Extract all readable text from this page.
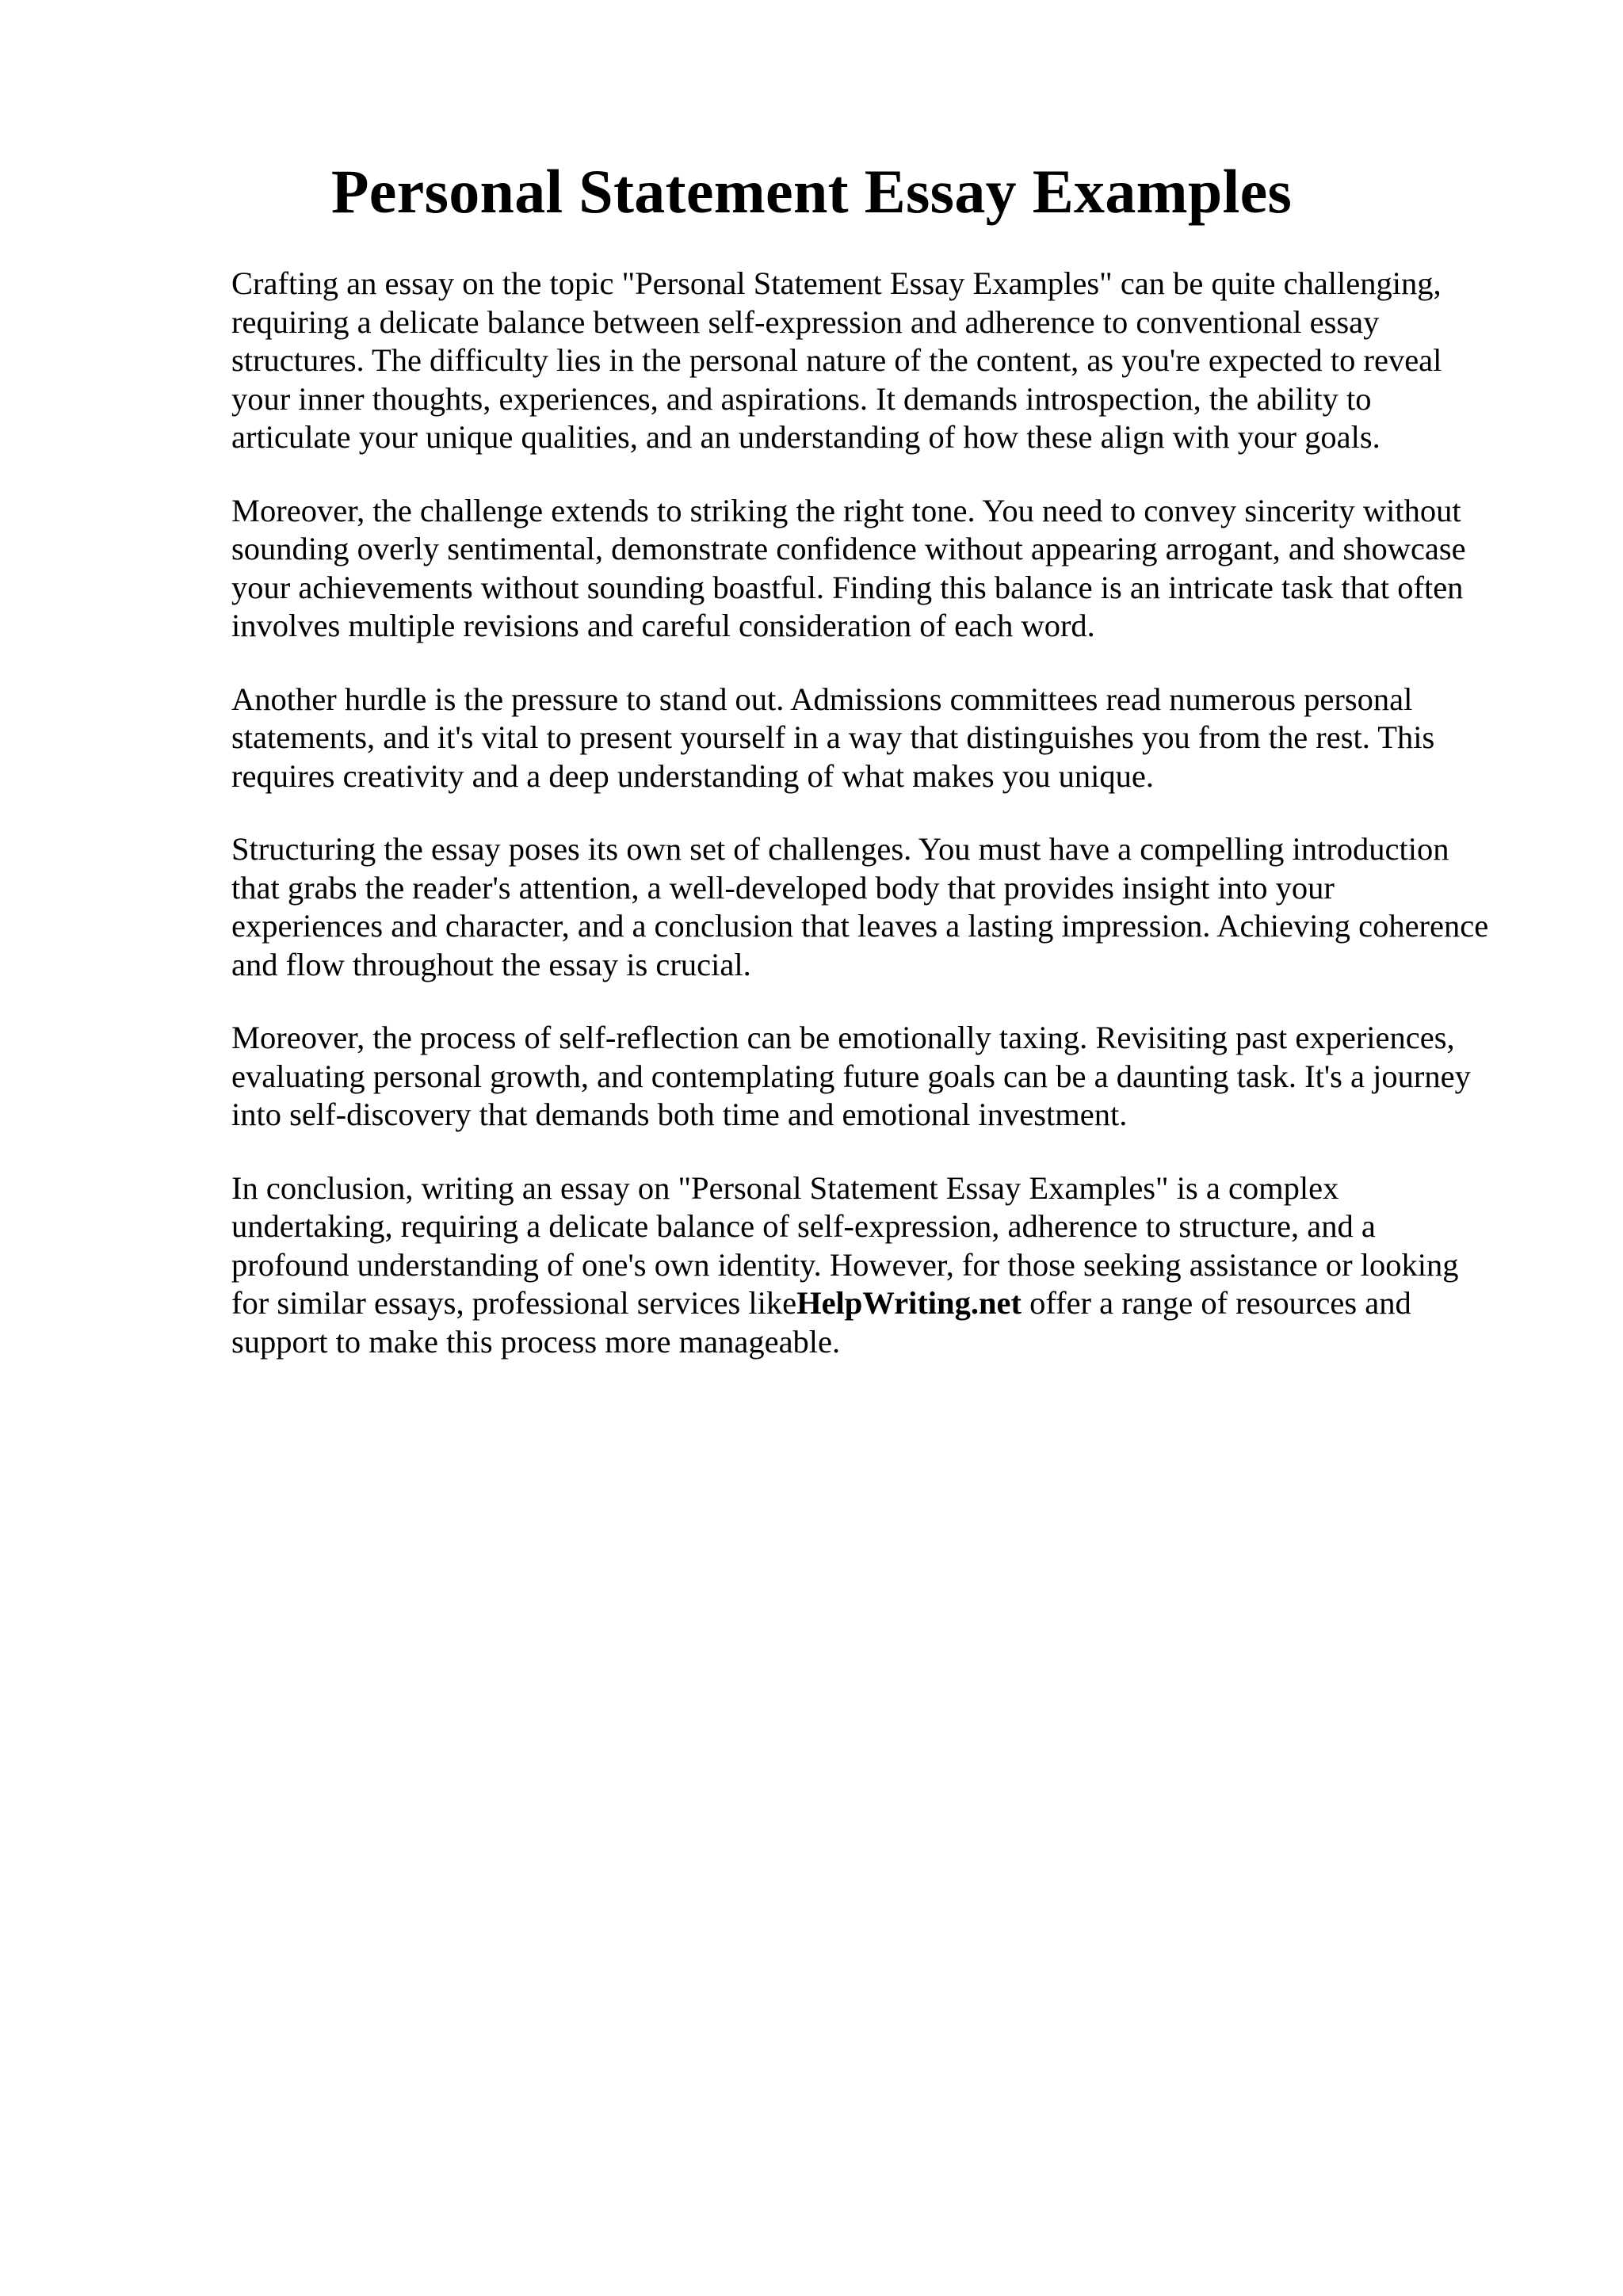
Personal Statement Essay Examples

Crafting an essay on the topic "Personal Statement Essay Examples" can be quite challenging,
requiring a delicate balance between self-expression and adherence to conventional essay
structures. The difficulty lies in the personal nature of the content, as you're expected to reveal
your inner thoughts, experiences, and aspirations. It demands introspection, the ability to
articulate your unique qualities, and an understanding of how these align with your goals.

Moreover, the challenge extends to striking the right tone. You need to convey sincerity without
sounding overly sentimental, demonstrate confidence without appearing arrogant, and showcase
your achievements without sounding boastful. Finding this balance is an intricate task that often
involves multiple revisions and careful consideration of each word.

Another hurdle is the pressure to stand out. Admissions committees read numerous personal
statements, and it's vital to present yourself in a way that distinguishes you from the rest. This
requires creativity and a deep understanding of what makes you unique.

Structuring the essay poses its own set of challenges. You must have a compelling introduction
that grabs the reader's attention, a well-developed body that provides insight into your
experiences and character, and a conclusion that leaves a lasting impression. Achieving coherence
and flow throughout the essay is crucial.

Moreover, the process of self-reflection can be emotionally taxing. Revisiting past experiences,
evaluating personal growth, and contemplating future goals can be a daunting task. It's a journey
into self-discovery that demands both time and emotional investment.

In conclusion, writing an essay on "Personal Statement Essay Examples" is a complex
undertaking, requiring a delicate balance of self-expression, adherence to structure, and a
profound understanding of one's own identity. However, for those seeking assistance or looking
for similar essays, professional services likeHelpWriting.net offer a range of resources and
support to make this process more manageable.
